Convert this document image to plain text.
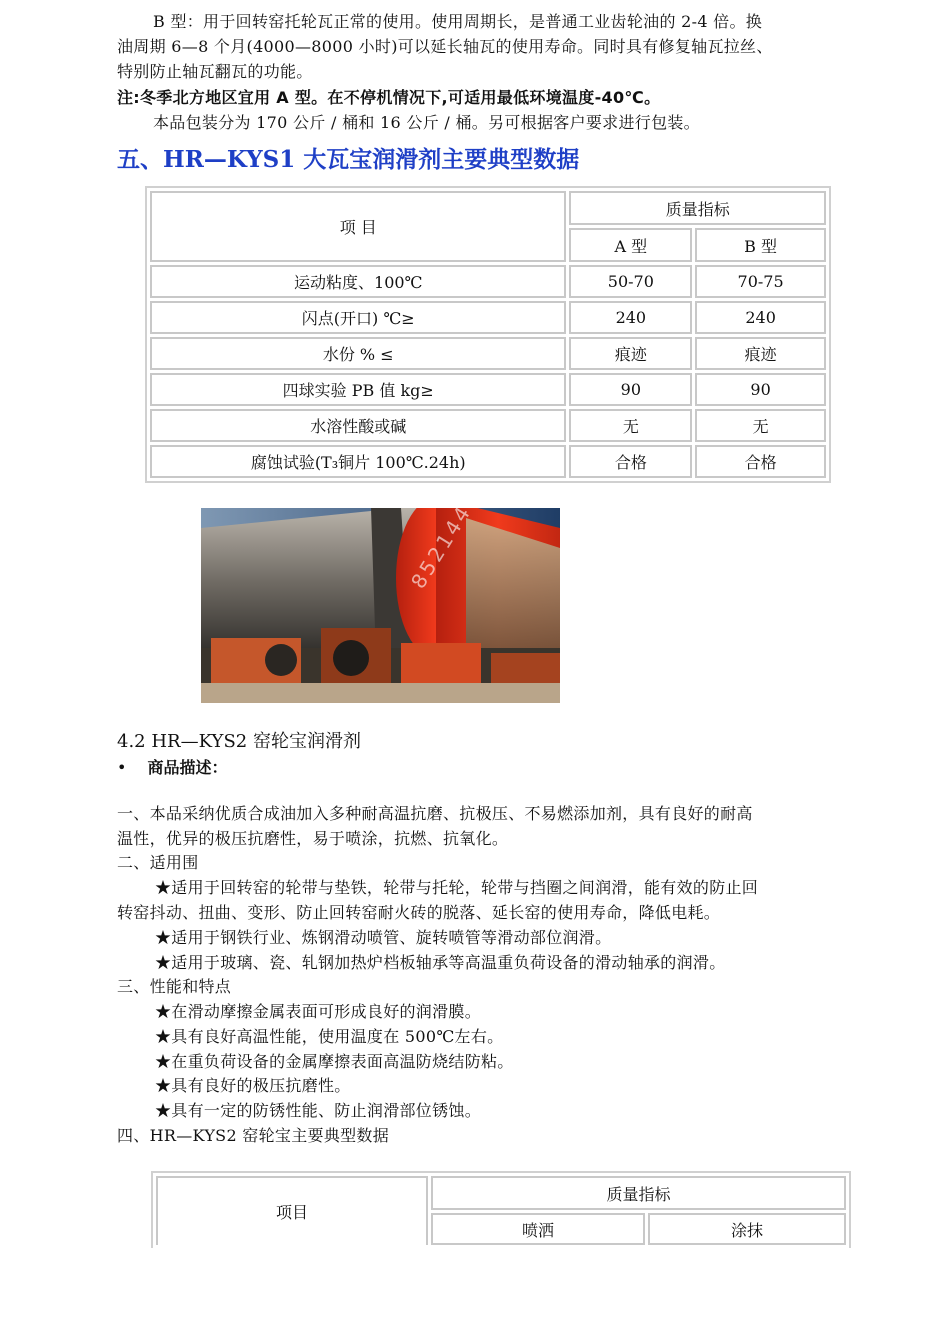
B 型：用于回转窑托轮瓦正常的使用。使用周期长，是普通工业齿轮油的 2-4 倍。换
油周期 6—8 个月(4000—8000 小时)可以延长轴瓦的使用寿命。同时具有修复轴瓦拉丝、
特别防止轴瓦翻瓦的功能。
注:冬季北方地区宜用 A 型。在不停机情况下,可适用最低环境温度-40℃。
本品包装分为 170 公斤 / 桶和 16 公斤 / 桶。另可根据客户要求进行包装。
五、HR—KYS1 大瓦宝润滑剂主要典型数据
项 目	质量指标	
	A 型	B 型
运动粘度、100℃	50-70	70-75
闪点(开口) ℃≥	240	240
水份 % ≤	痕迹	痕迹
四球实验 PB 值 kg≥	90	90
水溶性酸或碱	无	无
腐蚀试验(T₃铜片 100℃.24h)	合格	合格
4.2 HR—KYS2 窑轮宝润滑剂
• 商品描述：
一、本品采纳优质合成油加入多种耐高温抗磨、抗极压、不易燃添加剂，具有良好的耐高
温性，优异的极压抗磨性，易于喷涂，抗燃、抗氧化。
二、适用围
★适用于回转窑的轮带与垫铁，轮带与托轮，轮带与挡圈之间润滑，能有效的防止回
转窑抖动、扭曲、变形、防止回转窑耐火砖的脱落、延长窑的使用寿命，降低电耗。
★适用于钢铁行业、炼钢滑动喷管、旋转喷管等滑动部位润滑。
★适用于玻璃、瓷、轧钢加热炉档板轴承等高温重负荷设备的滑动轴承的润滑。
三、性能和特点
★在滑动摩擦金属表面可形成良好的润滑膜。
★具有良好高温性能，使用温度在 500℃左右。
★在重负荷设备的金属摩擦表面高温防烧结防粘。
★具有良好的极压抗磨性。
★具有一定的防锈性能、防止润滑部位锈蚀。
四、HR—KYS2 窑轮宝主要典型数据
项目	质量指标	
	喷洒	涂抹
